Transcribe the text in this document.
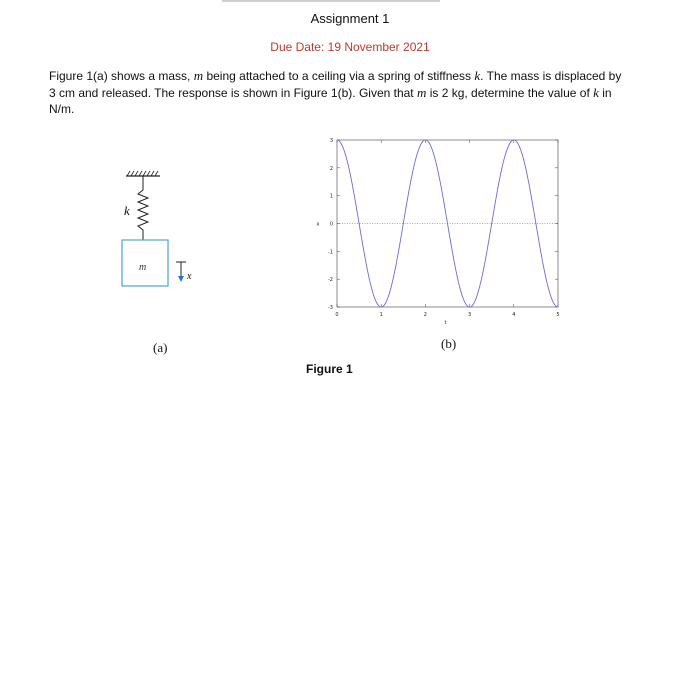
Assignment 1
Due Date: 19 November 2021
Figure 1(a) shows a mass, m being attached to a ceiling via a spring of stiffness k. The mass is displaced by 3 cm and released. The response is shown in Figure 1(b). Given that m is 2 kg, determine the value of k in N/m.
k
m
x
(a)
3
2
1
0
-1
-2
-3
0	1	2	3	4	5
t
x
(b)
Figure 1
